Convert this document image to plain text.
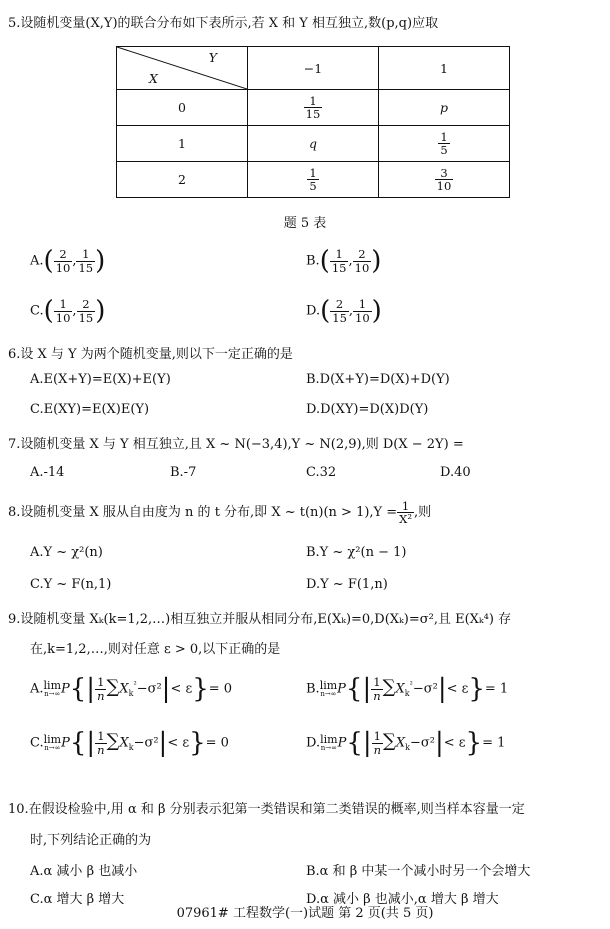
5.设随机变量(X,Y)的联合分布如下表所示,若 X 和 Y 相互独立,数(p,q)应取
Y
X	−1	1
0	$\frac{1}{15}$	p
1	q	$\frac{1}{5}$

2	$\frac{1}{5}$	$\frac{3}{10}$
题 5 表
$A.( \frac{2}{10}$ , $\frac{1}{15}$ )	$B.( \frac{1}{15}$ , $\frac{2}{10}$ )
$C.( \frac{1}{10}$ , $\frac{2}{15}$ )	$D.( \frac{2}{15}$ , $\frac{1}{10}$ )
6.设 X 与 Y 为两个随机变量,则以下一定正确的是
A.E(X+Y)=E(X)+E(Y)	B.D(X+Y)=D(X)+D(Y)
C.E(XY)=E(X)E(Y)	D.D(XY)=D(X)D(Y)
7.设随机变量 X 与 Y 相互独立,且 X ~ N(−3,4),Y ~ N(2,9),则 D(X − 2Y) =
A.-14	B.-7	C.32	D.40
8.设随机变量 X 服从自由度为 n 的 t 分布,即 X ~ $t(n)(n > 1),Y = \frac{1}{\text{X²}}$ ,则
A.Y ~ χ²(n)	B.Y ~ χ²(n − 1)
C.Y ~ F(n,1)	D.Y ~ F(1,n)
9.设随机变量 Xₖ(k=1,2,…)相互独立并服从相同分布,E(Xₖ)=0,D(Xₖ)=σ²,且 E(Xₖ⁴) 存
在,k=1,2,…,则对任意 ε > 0,以下正确的是
A. lim
n→∞ $P\{| \frac{1}{n} \sum X_k^{^2}-\sigma^2|< \varepsilon\}= 0$	B. lim
n→∞ $P\{| \frac{1}{n} \sum X_k^{^2}-\sigma^2|< \varepsilon\}= 1$
C. lim
n→∞ $P\{| \frac{1}{n} \sum X_k-\sigma^2|< \varepsilon\}= 0$	D. lim
n→∞ $P\{| \frac{1}{n} \sum X_k-\sigma^2|< \varepsilon\}= 1$
10.在假设检验中,用 α 和 β 分别表示犯第一类错误和第二类错误的概率,则当样本容量一定
时,下列结论正确的为
A.α 减小 β 也减小	B.α 和 β 中某一个减小时另一个会增大
C.α 增大 β 增大	D.α 减小 β 也减小,α 增大 β 增大
07961# 工程数学(一)试题 第 2 页(共 5 页)
